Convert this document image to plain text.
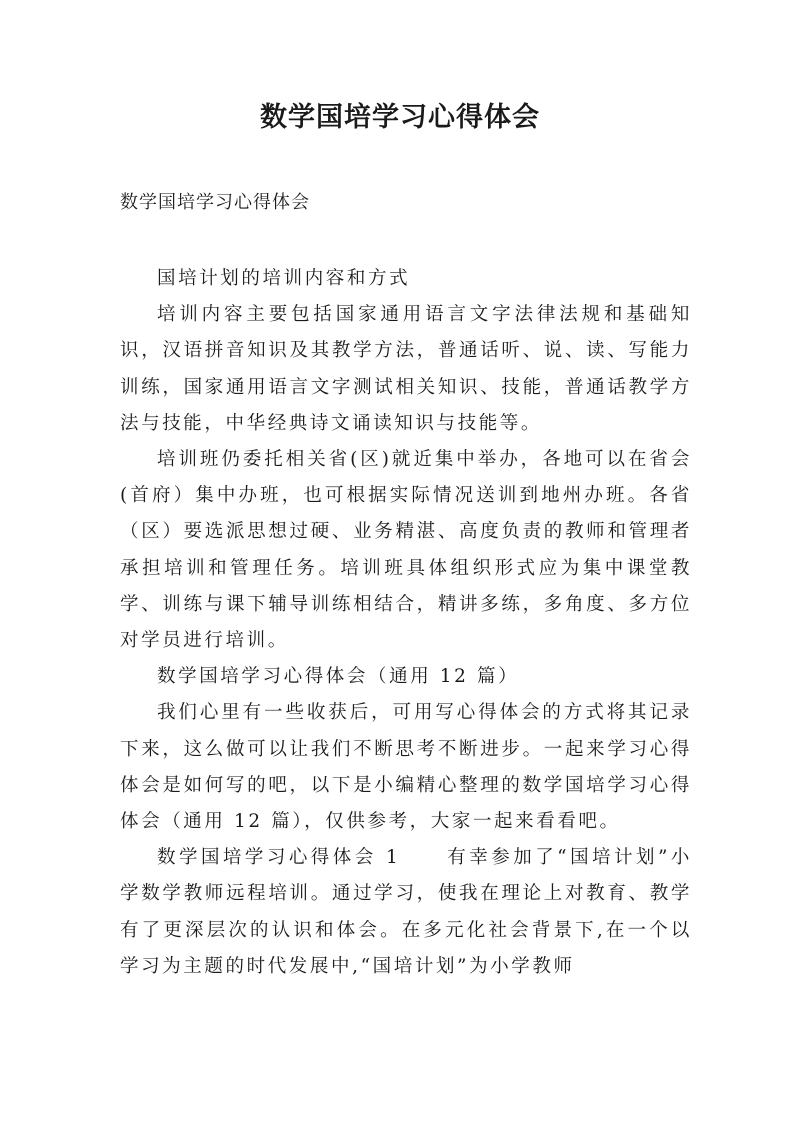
数学国培学习心得体会

数学国培学习心得体会

国培计划的培训内容和方式

培训内容主要包括国家通用语言文字法律法规和基础知识，汉语拼音知识及其教学方法，普通话听、说、读、写能力训练，国家通用语言文字测试相关知识、技能，普通话教学方法与技能，中华经典诗文诵读知识与技能等。

培训班仍委托相关省(区)就近集中举办，各地可以在省会(首府）集中办班，也可根据实际情况送训到地州办班。各省（区）要选派思想过硬、业务精湛、高度负责的教师和管理者承担培训和管理任务。培训班具体组织形式应为集中课堂教学、训练与课下辅导训练相结合，精讲多练，多角度、多方位对学员进行培训。

数学国培学习心得体会（通用 12 篇）

我们心里有一些收获后，可用写心得体会的方式将其记录下来，这么做可以让我们不断思考不断进步。一起来学习心得体会是如何写的吧，以下是小编精心整理的数学国培学习心得体会（通用 12 篇），仅供参考，大家一起来看看吧。

数学国培学习心得体会 1 有幸参加了“国培计划”小学数学教师远程培训。通过学习，使我在理论上对教育、教学有了更深层次的认识和体会。在多元化社会背景下,在一个以学习为主题的时代发展中,“国培计划”为小学教师
